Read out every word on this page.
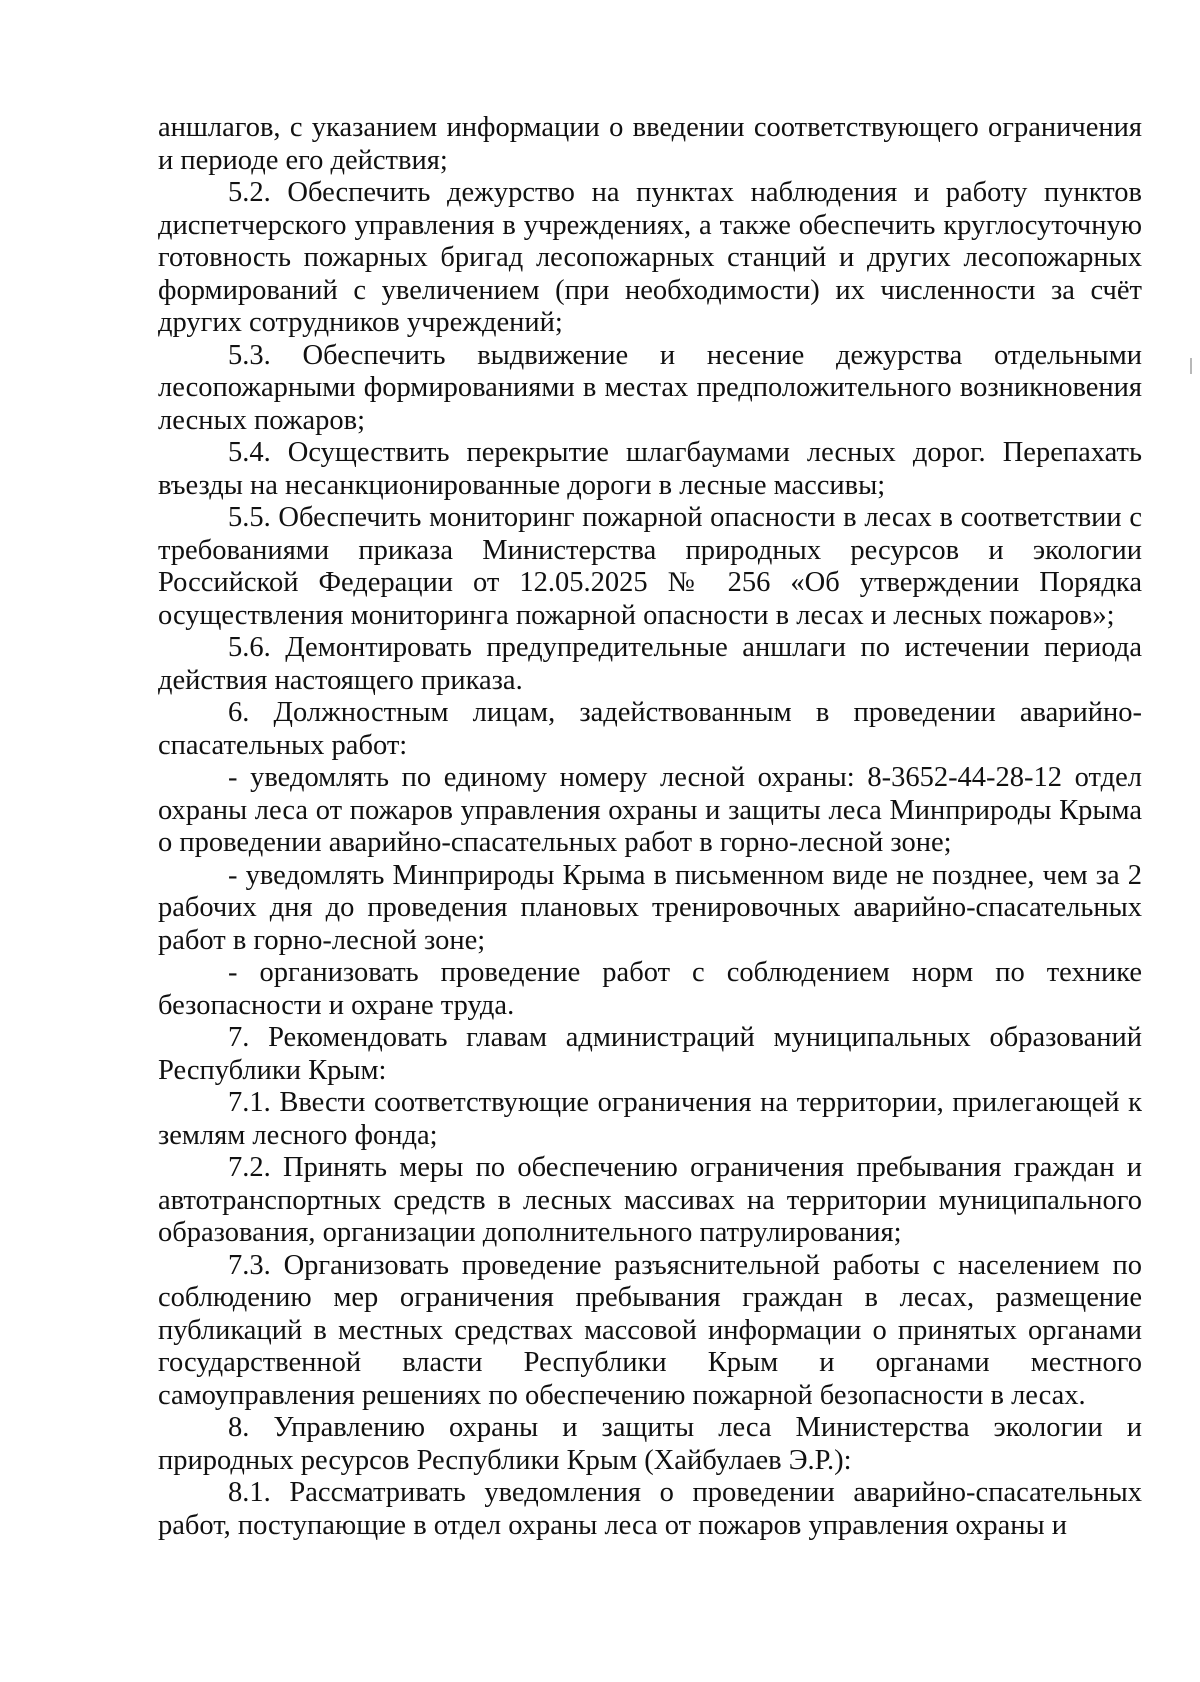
аншлагов, с указанием информации о введении соответствующего ограничения и периоде его действия;

5.2. Обеспечить дежурство на пунктах наблюдения и работу пунктов диспетчерского управления в учреждениях, а также обеспечить круглосуточную готовность пожарных бригад лесопожарных станций и других лесопожарных формирований с увеличением (при необходимости) их численности за счёт других сотрудников учреждений;

5.3. Обеспечить выдвижение и несение дежурства отдельными лесопожарными формированиями в местах предположительного возникновения лесных пожаров;

5.4. Осуществить перекрытие шлагбаумами лесных дорог. Перепахать въезды на несанкционированные дороги в лесные массивы;

5.5. Обеспечить мониторинг пожарной опасности в лесах в соответствии с требованиями приказа Министерства природных ресурсов и экологии Российской Федерации от 12.05.2025 № 256 «Об утверждении Порядка осуществления мониторинга пожарной опасности в лесах и лесных пожаров»;

5.6. Демонтировать предупредительные аншлаги по истечении периода действия настоящего приказа.

6. Должностным лицам, задействованным в проведении аварийно-спасательных работ:

- уведомлять по единому номеру лесной охраны: 8-3652-44-28-12 отдел охраны леса от пожаров управления охраны и защиты леса Минприроды Крыма о проведении аварийно-спасательных работ в горно-лесной зоне;

- уведомлять Минприроды Крыма в письменном виде не позднее, чем за 2 рабочих дня до проведения плановых тренировочных аварийно-спасательных работ в горно-лесной зоне;

- организовать проведение работ с соблюдением норм по технике безопасности и охране труда.

7. Рекомендовать главам администраций муниципальных образований Республики Крым:

7.1. Ввести соответствующие ограничения на территории, прилегающей к землям лесного фонда;

7.2. Принять меры по обеспечению ограничения пребывания граждан и автотранспортных средств в лесных массивах на территории муниципального образования, организации дополнительного патрулирования;

7.3. Организовать проведение разъяснительной работы с населением по соблюдению мер ограничения пребывания граждан в лесах, размещение публикаций в местных средствах массовой информации о принятых органами государственной власти Республики Крым и органами местного самоуправления решениях по обеспечению пожарной безопасности в лесах.

8. Управлению охраны и защиты леса Министерства экологии и природных ресурсов Республики Крым (Хайбулаев Э.Р.):

8.1. Рассматривать уведомления о проведении аварийно-спасательных работ, поступающие в отдел охраны леса от пожаров управления охраны и
